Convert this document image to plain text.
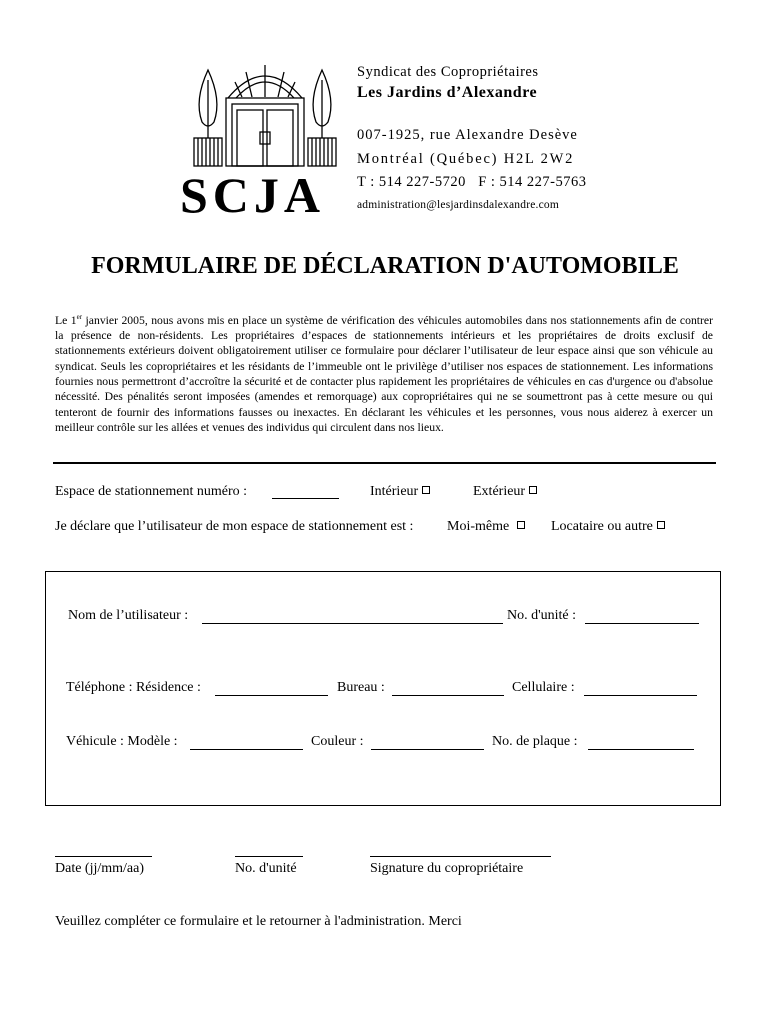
SCJA
Syndicat des Copropriétaires
Les Jardins d’Alexandre
007-1925, rue Alexandre Desève
Montréal (Québec) H2L 2W2
T : 514 227-5720   F : 514 227-5763
administration@lesjardinsdalexandre.com
FORMULAIRE DE DÉCLARATION D'AUTOMOBILE
Le 1er janvier 2005, nous avons mis en place un système de vérification des véhicules automobiles dans nos stationnements afin de contrer la présence de non-résidents. Les propriétaires d’espaces de stationnements intérieurs et les propriétaires de droits exclusif de stationnements extérieurs doivent obligatoirement utiliser ce formulaire pour déclarer l’utilisateur de leur espace ainsi que son véhicule au syndicat. Seuls les copropriétaires et les résidants de l’immeuble ont le privilège d’utiliser nos espaces de stationnement. Les informations fournies nous permettront d’accroître la sécurité et de contacter plus rapidement les propriétaires de véhicules en cas d'urgence ou d'absolue nécessité. Des pénalités seront imposées (amendes et remorquage) aux copropriétaires qui ne se soumettront pas à cette mesure ou qui tenteront de fournir des informations fausses ou inexactes. En déclarant les véhicules et les personnes, vous nous aiderez à exercer un meilleur contrôle sur les allées et venues des individus qui circulent dans nos lieux.
Espace de stationnement numéro :	Intérieur	Extérieur
Je déclare que l’utilisateur de mon espace de stationnement est : Moi-même	Locataire ou autre
Nom de l’utilisateur :	No. d'unité :
Téléphone : Résidence :	Bureau :	Cellulaire :
Véhicule : Modèle :	Couleur :	No. de plaque :
Date (jj/mm/aa)	No. d'unité	Signature du copropriétaire
Veuillez compléter ce formulaire et le retourner à l'administration. Merci
